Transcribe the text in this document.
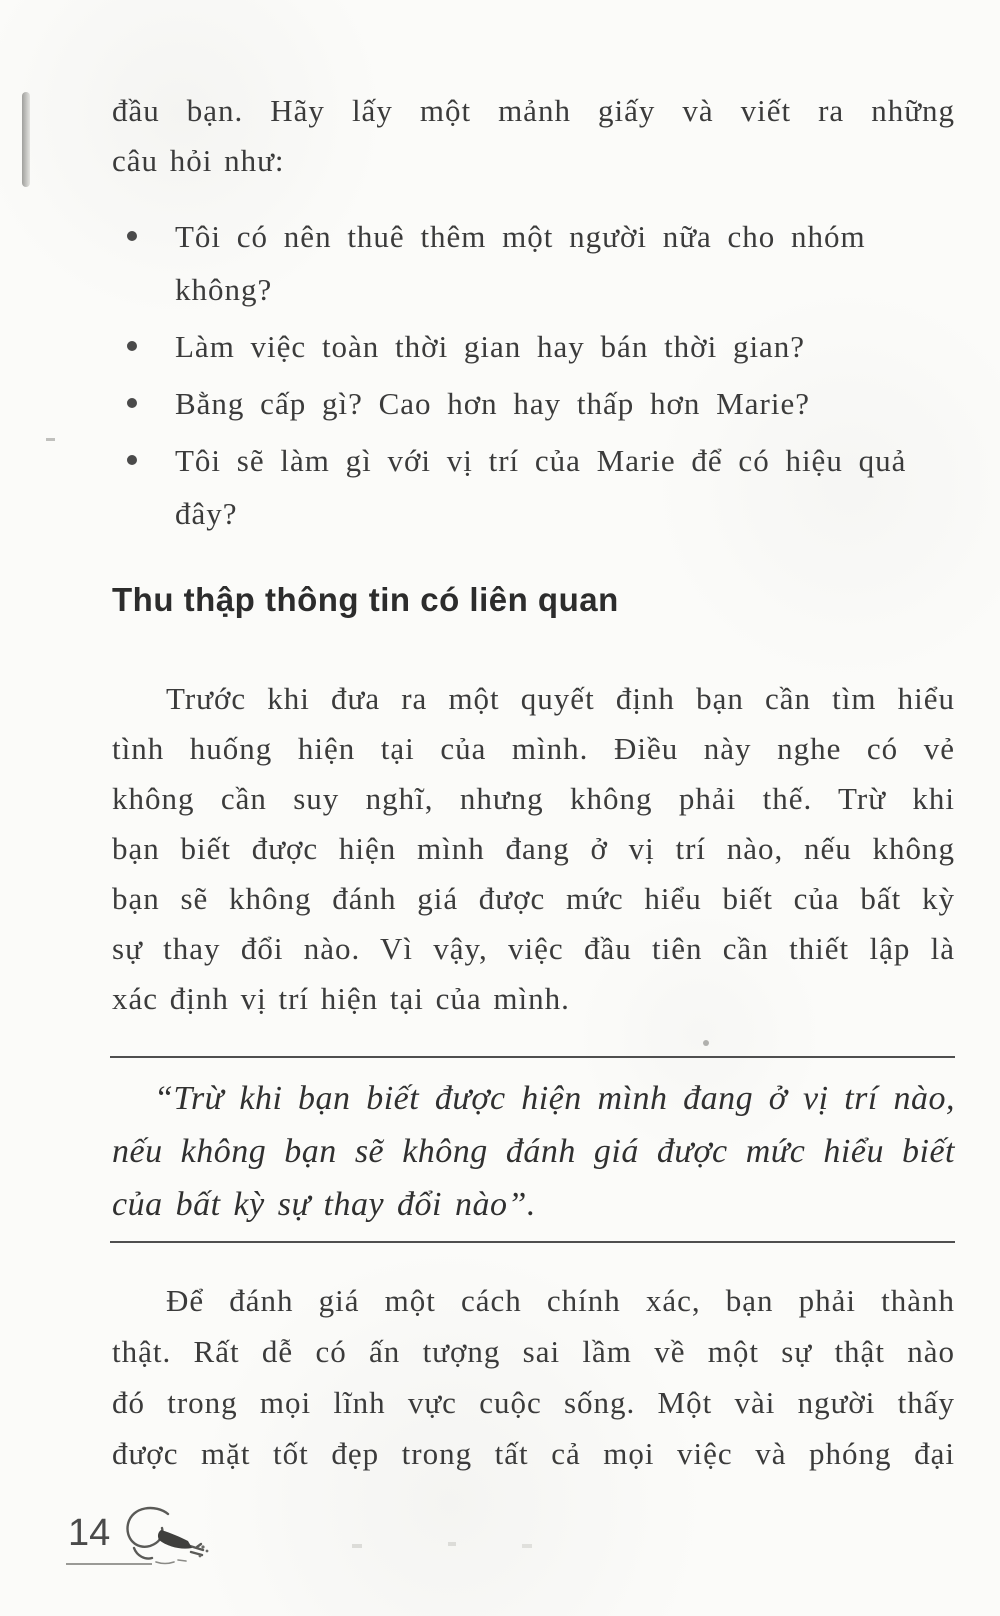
đầu bạn. Hãy lấy một mảnh giấy và viết ra những

câu hỏi như:

Tôi có nên thuê thêm một người nữa cho nhóm

không?

Làm việc toàn thời gian hay bán thời gian?

Bằng cấp gì? Cao hơn hay thấp hơn Marie?

Tôi sẽ làm gì với vị trí của Marie để có hiệu quả

đây?

Thu thập thông tin có liên quan

Trước khi đưa ra một quyết định bạn cần tìm hiểu

tình huống hiện tại của mình. Điều này nghe có vẻ

không cần suy nghĩ, nhưng không phải thế. Trừ khi

bạn biết được hiện mình đang ở vị trí nào, nếu không

bạn sẽ không đánh giá được mức hiểu biết của bất kỳ

sự thay đổi nào. Vì vậy, việc đầu tiên cần thiết lập là

xác định vị trí hiện tại của mình.

“Trừ khi bạn biết được hiện mình đang ở vị trí nào,

nếu không bạn sẽ không đánh giá được mức hiểu biết

của bất kỳ sự thay đổi nào”.

Để đánh giá một cách chính xác, bạn phải thành

thật. Rất dễ có ấn tượng sai lầm về một sự thật nào

đó trong mọi lĩnh vực cuộc sống. Một vài người thấy

được mặt tốt đẹp trong tất cả mọi việc và phóng đại

14
